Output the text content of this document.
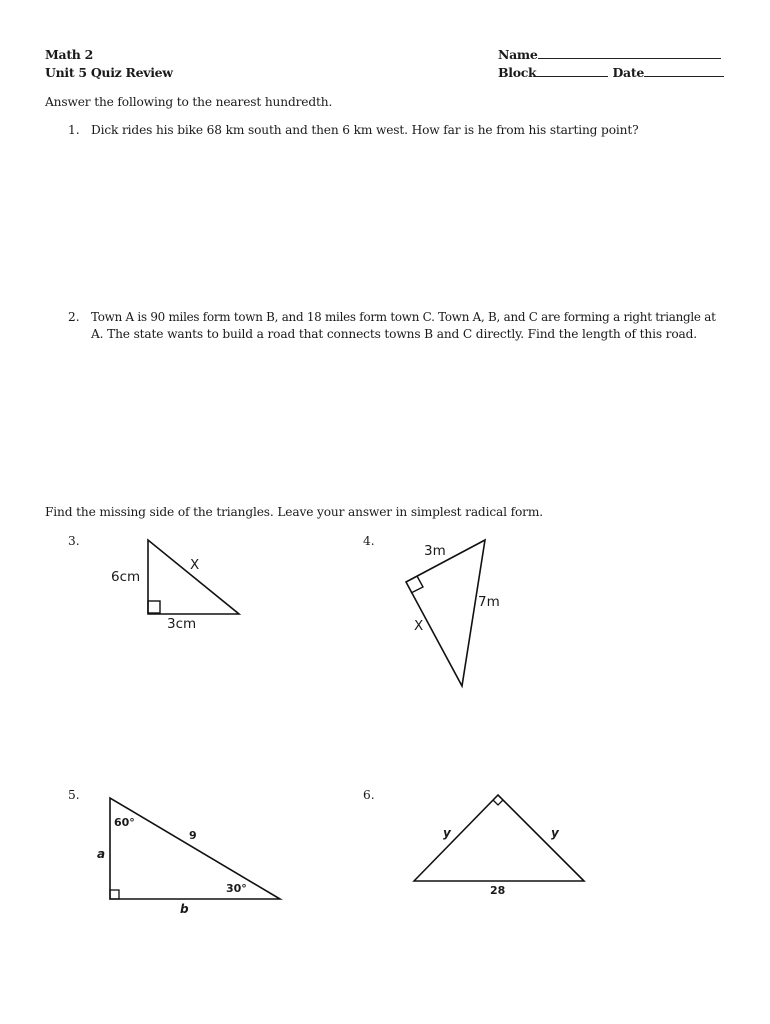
Math 2
Unit 5 Quiz Review
Name
Block	Date
Answer the following to the nearest hundredth.
1. Dick rides his bike 68 km south and then 6 km west. How far is he from his starting point?
2. Town A is 90 miles form town B, and 18 miles form town C. Town A, B, and C are forming a right triangle at
A. The state wants to build a road that connects towns B and C directly. Find the length of this road.
Find the missing side of the triangles. Leave your answer in simplest radical form.
3.
6cm
X
3cm
4.
3m
7m
X
5.
60°
9
30°
a
b
6.
y	y
28
